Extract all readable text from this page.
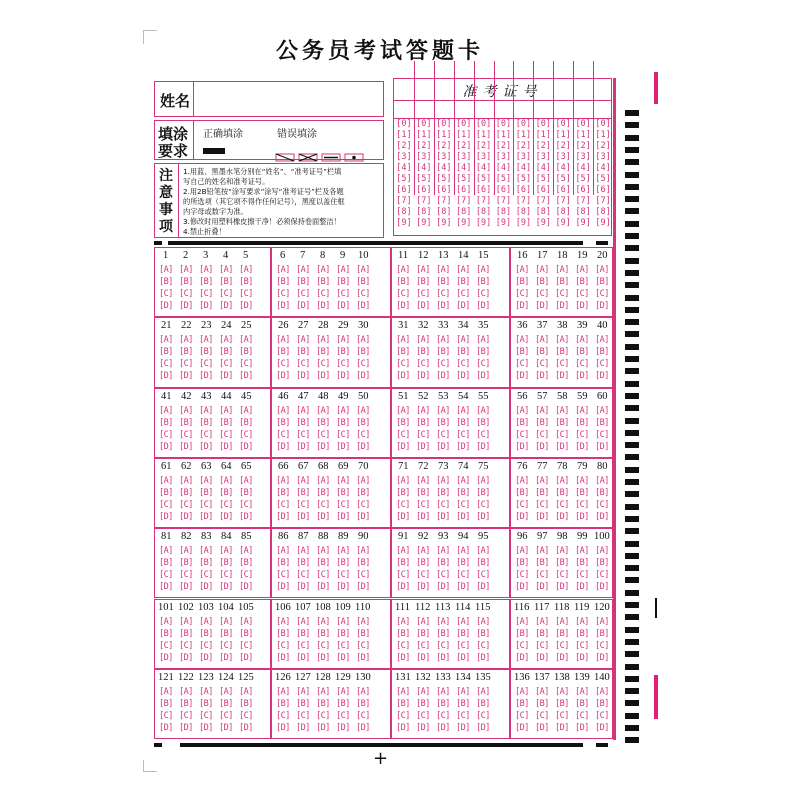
公务员考试答题卡
姓名
填涂
要求
正确填涂	错误填涂
注
意
事
项
1.用蓝、黑墨水笔分别在“姓名”、“准考证号”栏填
写自己的姓名和准考证号。
2.用2B铅笔按“涂写要求”涂写“准考证号”栏及各题
的所选项（其它项不得作任何记号），黑度以盖住框
内字母或数字为准。
3.修改时用塑料橡皮擦干净！必须保持卷面整洁！
4.禁止折叠！
准考证号
[0]
[1]
[2]
[3]
[4]
[5]
[6]
[7]
[8]
[9]
[0]
[1]
[2]
[3]
[4]
[5]
[6]
[7]
[8]
[9]
[0]
[1]
[2]
[3]
[4]
[5]
[6]
[7]
[8]
[9]
[0]
[1]
[2]
[3]
[4]
[5]
[6]
[7]
[8]
[9]
[0]
[1]
[2]
[3]
[4]
[5]
[6]
[7]
[8]
[9]
[0]
[1]
[2]
[3]
[4]
[5]
[6]
[7]
[8]
[9]
[0]
[1]
[2]
[3]
[4]
[5]
[6]
[7]
[8]
[9]
[0]
[1]
[2]
[3]
[4]
[5]
[6]
[7]
[8]
[9]
[0]
[1]
[2]
[3]
[4]
[5]
[6]
[7]
[8]
[9]
[0]
[1]
[2]
[3]
[4]
[5]
[6]
[7]
[8]
[9]
[0]
[1]
[2]
[3]
[4]
[5]
[6]
[7]
[8]
[9]
1
[A]
[B]
[C]
[D]
2
[A]
[B]
[C]
[D]
3
[A]
[B]
[C]
[D]
4
[A]
[B]
[C]
[D]
5
[A]
[B]
[C]
[D]
6
[A]
[B]
[C]
[D]
7
[A]
[B]
[C]
[D]
8
[A]
[B]
[C]
[D]
9
[A]
[B]
[C]
[D]
10
[A]
[B]
[C]
[D]
11
[A]
[B]
[C]
[D]
12
[A]
[B]
[C]
[D]
13
[A]
[B]
[C]
[D]
14
[A]
[B]
[C]
[D]
15
[A]
[B]
[C]
[D]
16
[A]
[B]
[C]
[D]
17
[A]
[B]
[C]
[D]
18
[A]
[B]
[C]
[D]
19
[A]
[B]
[C]
[D]
20
[A]
[B]
[C]
[D]
21
[A]
[B]
[C]
[D]
22
[A]
[B]
[C]
[D]
23
[A]
[B]
[C]
[D]
24
[A]
[B]
[C]
[D]
25
[A]
[B]
[C]
[D]
26
[A]
[B]
[C]
[D]
27
[A]
[B]
[C]
[D]
28
[A]
[B]
[C]
[D]
29
[A]
[B]
[C]
[D]
30
[A]
[B]
[C]
[D]
31
[A]
[B]
[C]
[D]
32
[A]
[B]
[C]
[D]
33
[A]
[B]
[C]
[D]
34
[A]
[B]
[C]
[D]
35
[A]
[B]
[C]
[D]
36
[A]
[B]
[C]
[D]
37
[A]
[B]
[C]
[D]
38
[A]
[B]
[C]
[D]
39
[A]
[B]
[C]
[D]
40
[A]
[B]
[C]
[D]
41
[A]
[B]
[C]
[D]
42
[A]
[B]
[C]
[D]
43
[A]
[B]
[C]
[D]
44
[A]
[B]
[C]
[D]
45
[A]
[B]
[C]
[D]
46
[A]
[B]
[C]
[D]
47
[A]
[B]
[C]
[D]
48
[A]
[B]
[C]
[D]
49
[A]
[B]
[C]
[D]
50
[A]
[B]
[C]
[D]
51
[A]
[B]
[C]
[D]
52
[A]
[B]
[C]
[D]
53
[A]
[B]
[C]
[D]
54
[A]
[B]
[C]
[D]
55
[A]
[B]
[C]
[D]
56
[A]
[B]
[C]
[D]
57
[A]
[B]
[C]
[D]
58
[A]
[B]
[C]
[D]
59
[A]
[B]
[C]
[D]
60
[A]
[B]
[C]
[D]
61
[A]
[B]
[C]
[D]
62
[A]
[B]
[C]
[D]
63
[A]
[B]
[C]
[D]
64
[A]
[B]
[C]
[D]
65
[A]
[B]
[C]
[D]
66
[A]
[B]
[C]
[D]
67
[A]
[B]
[C]
[D]
68
[A]
[B]
[C]
[D]
69
[A]
[B]
[C]
[D]
70
[A]
[B]
[C]
[D]
71
[A]
[B]
[C]
[D]
72
[A]
[B]
[C]
[D]
73
[A]
[B]
[C]
[D]
74
[A]
[B]
[C]
[D]
75
[A]
[B]
[C]
[D]
76
[A]
[B]
[C]
[D]
77
[A]
[B]
[C]
[D]
78
[A]
[B]
[C]
[D]
79
[A]
[B]
[C]
[D]
80
[A]
[B]
[C]
[D]
81
[A]
[B]
[C]
[D]
82
[A]
[B]
[C]
[D]
83
[A]
[B]
[C]
[D]
84
[A]
[B]
[C]
[D]
85
[A]
[B]
[C]
[D]
86
[A]
[B]
[C]
[D]
87
[A]
[B]
[C]
[D]
88
[A]
[B]
[C]
[D]
89
[A]
[B]
[C]
[D]
90
[A]
[B]
[C]
[D]
91
[A]
[B]
[C]
[D]
92
[A]
[B]
[C]
[D]
93
[A]
[B]
[C]
[D]
94
[A]
[B]
[C]
[D]
95
[A]
[B]
[C]
[D]
96
[A]
[B]
[C]
[D]
97
[A]
[B]
[C]
[D]
98
[A]
[B]
[C]
[D]
99
[A]
[B]
[C]
[D]
100
[A]
[B]
[C]
[D]
101
[A]
[B]
[C]
[D]
102
[A]
[B]
[C]
[D]
103
[A]
[B]
[C]
[D]
104
[A]
[B]
[C]
[D]
105
[A]
[B]
[C]
[D]
106
[A]
[B]
[C]
[D]
107
[A]
[B]
[C]
[D]
108
[A]
[B]
[C]
[D]
109
[A]
[B]
[C]
[D]
110
[A]
[B]
[C]
[D]
111
[A]
[B]
[C]
[D]
112
[A]
[B]
[C]
[D]
113
[A]
[B]
[C]
[D]
114
[A]
[B]
[C]
[D]
115
[A]
[B]
[C]
[D]
116
[A]
[B]
[C]
[D]
117
[A]
[B]
[C]
[D]
118
[A]
[B]
[C]
[D]
119
[A]
[B]
[C]
[D]
120
[A]
[B]
[C]
[D]
121
[A]
[B]
[C]
[D]
122
[A]
[B]
[C]
[D]
123
[A]
[B]
[C]
[D]
124
[A]
[B]
[C]
[D]
125
[A]
[B]
[C]
[D]
126
[A]
[B]
[C]
[D]
127
[A]
[B]
[C]
[D]
128
[A]
[B]
[C]
[D]
129
[A]
[B]
[C]
[D]
130
[A]
[B]
[C]
[D]
131
[A]
[B]
[C]
[D]
132
[A]
[B]
[C]
[D]
133
[A]
[B]
[C]
[D]
134
[A]
[B]
[C]
[D]
135
[A]
[B]
[C]
[D]
136
[A]
[B]
[C]
[D]
137
[A]
[B]
[C]
[D]
138
[A]
[B]
[C]
[D]
139
[A]
[B]
[C]
[D]
140
[A]
[B]
[C]
[D]
+
